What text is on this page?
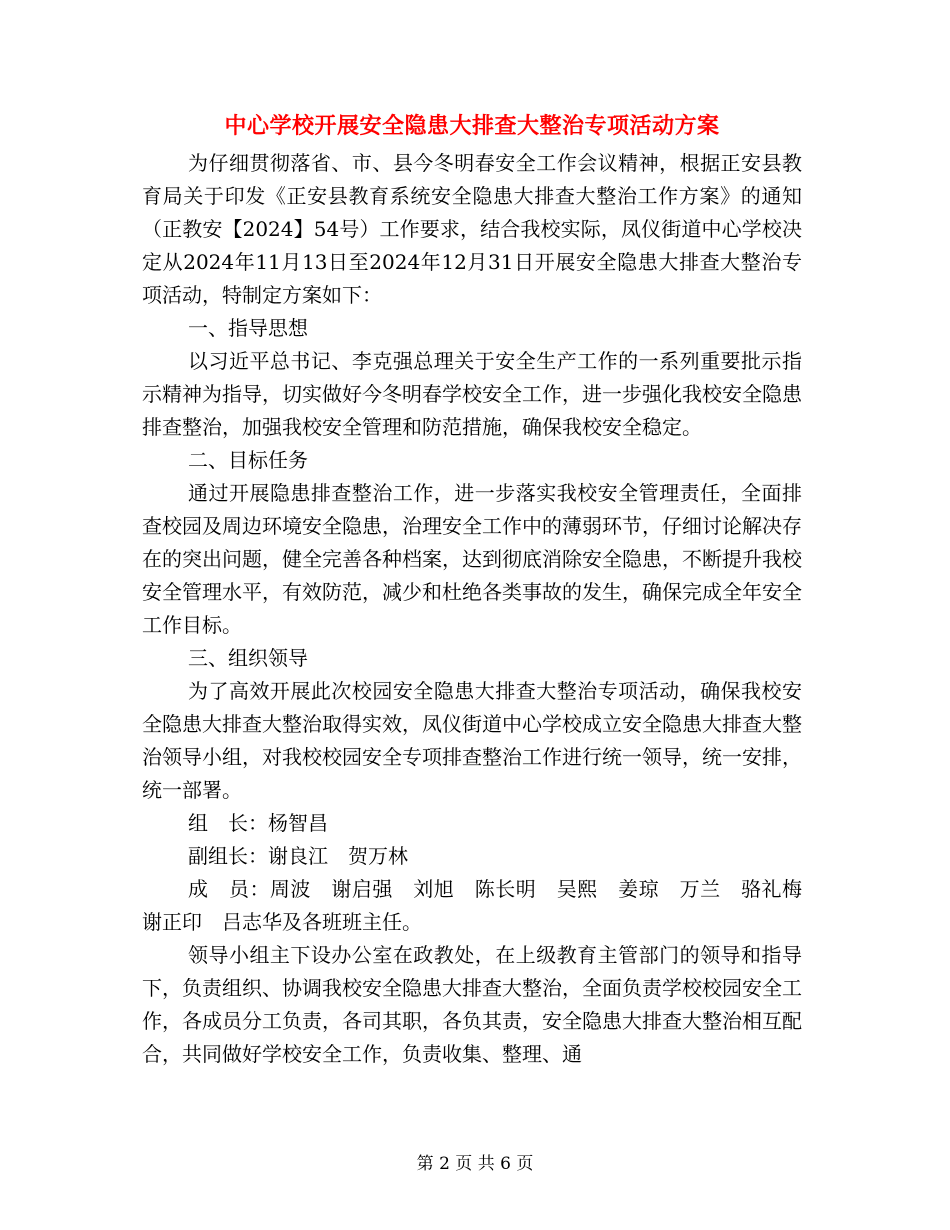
中心学校开展安全隐患大排查大整治专项活动方案

为仔细贯彻落省、市、县今冬明春安全工作会议精神，根据正安县教育局关于印发《正安县教育系统安全隐患大排查大整治工作方案》的通知（正教安【2024】54号）工作要求，结合我校实际，凤仪街道中心学校决定从2024年11月13日至2024年12月31日开展安全隐患大排查大整治专项活动，特制定方案如下：

一、指导思想

以习近平总书记、李克强总理关于安全生产工作的一系列重要批示指示精神为指导，切实做好今冬明春学校安全工作，进一步强化我校安全隐患排查整治，加强我校安全管理和防范措施，确保我校安全稳定。

二、目标任务

通过开展隐患排查整治工作，进一步落实我校安全管理责任，全面排查校园及周边环境安全隐患，治理安全工作中的薄弱环节，仔细讨论解决存在的突出问题，健全完善各种档案，达到彻底消除安全隐患，不断提升我校安全管理水平，有效防范，减少和杜绝各类事故的发生，确保完成全年安全工作目标。

三、组织领导

为了高效开展此次校园安全隐患大排查大整治专项活动，确保我校安全隐患大排查大整治取得实效，凤仪街道中心学校成立安全隐患大排查大整治领导小组，对我校校园安全专项排查整治工作进行统一领导，统一安排，统一部署。

组　长：杨智昌

副组长：谢良江　贺万林

成　员：周波　谢启强　刘旭　陈长明　吴熙　姜琼　万兰　骆礼梅　谢正印　吕志华及各班班主任。

领导小组主下设办公室在政教处，在上级教育主管部门的领导和指导下，负责组织、协调我校安全隐患大排查大整治，全面负责学校校园安全工作，各成员分工负责，各司其职，各负其责，安全隐患大排查大整治相互配合，共同做好学校安全工作，负责收集、整理、通

第 2 页 共 6 页
